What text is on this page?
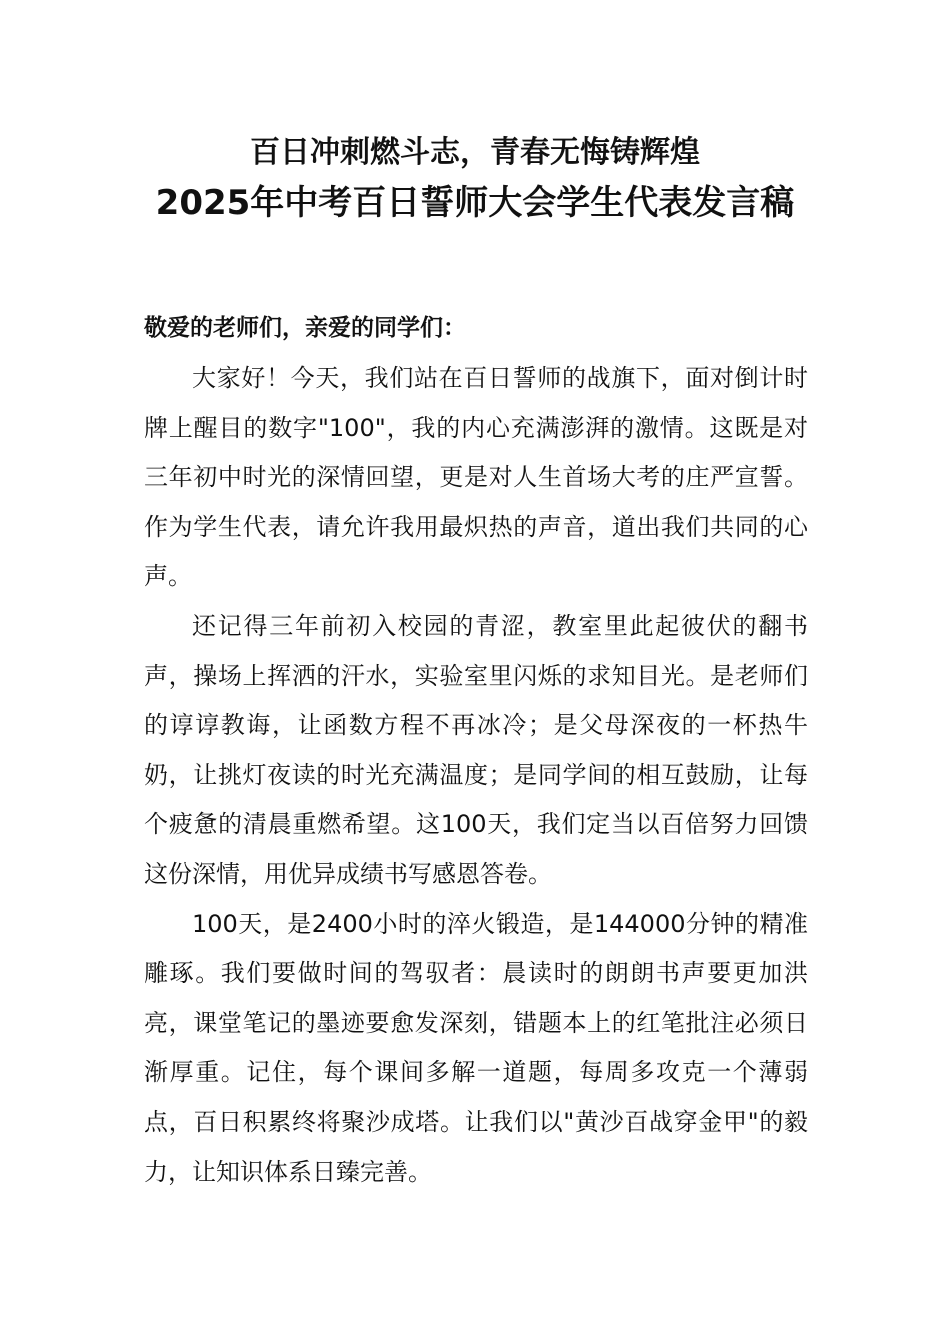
百日冲刺燃斗志，青春无悔铸辉煌
2025年中考百日誓师大会学生代表发言稿
敬爱的老师们，亲爱的同学们：

大家好！今天，我们站在百日誓师的战旗下，面对倒计时牌上醒目的数字"100"，我的内心充满澎湃的激情。这既是对三年初中时光的深情回望，更是对人生首场大考的庄严宣誓。作为学生代表，请允许我用最炽热的声音，道出我们共同的心声。

还记得三年前初入校园的青涩，教室里此起彼伏的翻书声，操场上挥洒的汗水，实验室里闪烁的求知目光。是老师们的谆谆教诲，让函数方程不再冰冷；是父母深夜的一杯热牛奶，让挑灯夜读的时光充满温度；是同学间的相互鼓励，让每个疲惫的清晨重燃希望。这100天，我们定当以百倍努力回馈这份深情，用优异成绩书写感恩答卷。

100天，是2400小时的淬火锻造，是144000分钟的精准雕琢。我们要做时间的驾驭者：晨读时的朗朗书声要更加洪亮，课堂笔记的墨迹要愈发深刻，错题本上的红笔批注必须日渐厚重。记住，每个课间多解一道题，每周多攻克一个薄弱点，百日积累终将聚沙成塔。让我们以"黄沙百战穿金甲"的毅力，让知识体系日臻完善。
